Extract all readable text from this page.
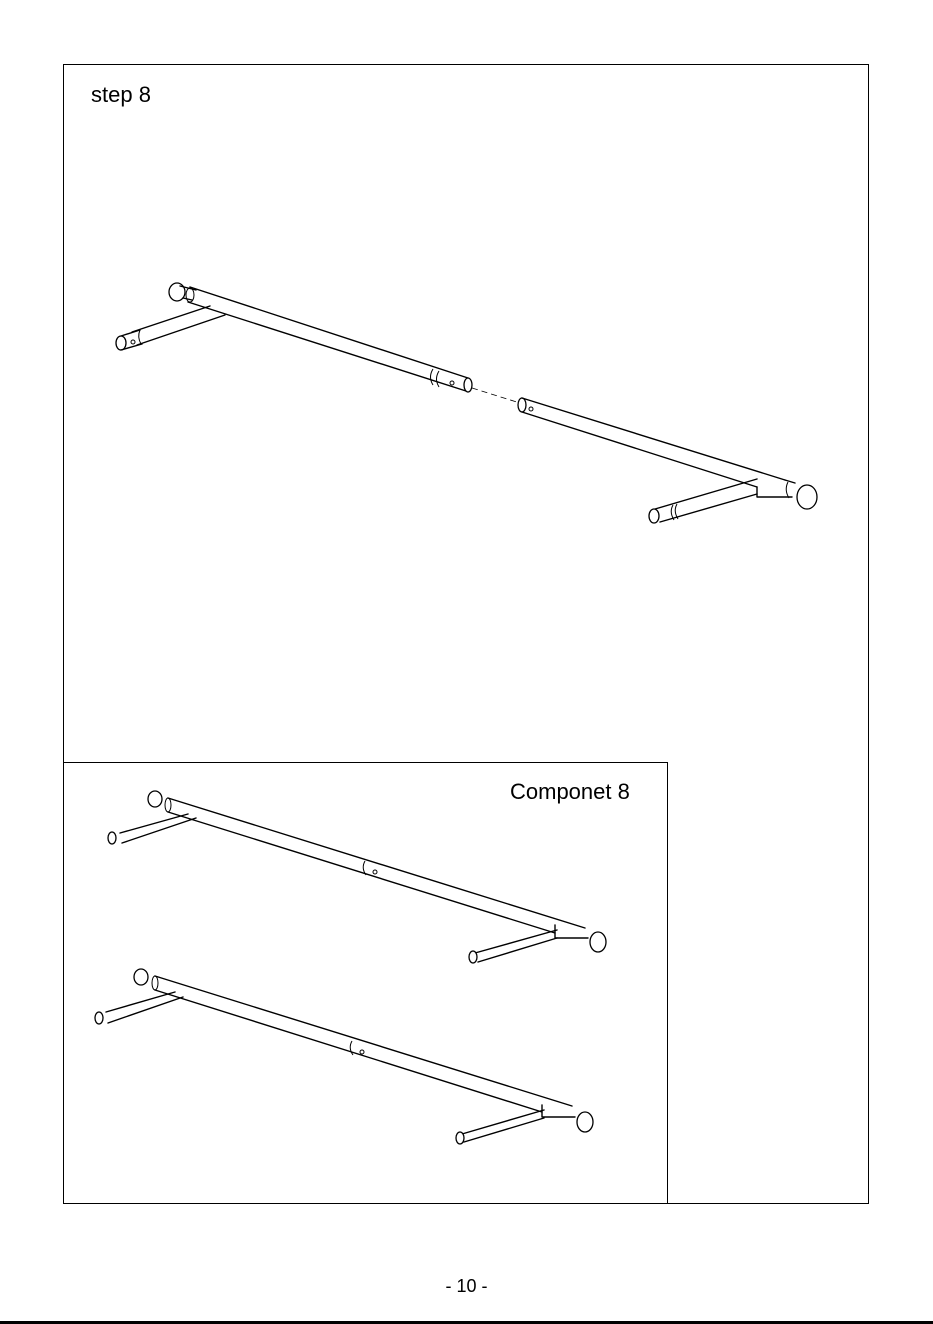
step 8
Componet 8
- 10 -
